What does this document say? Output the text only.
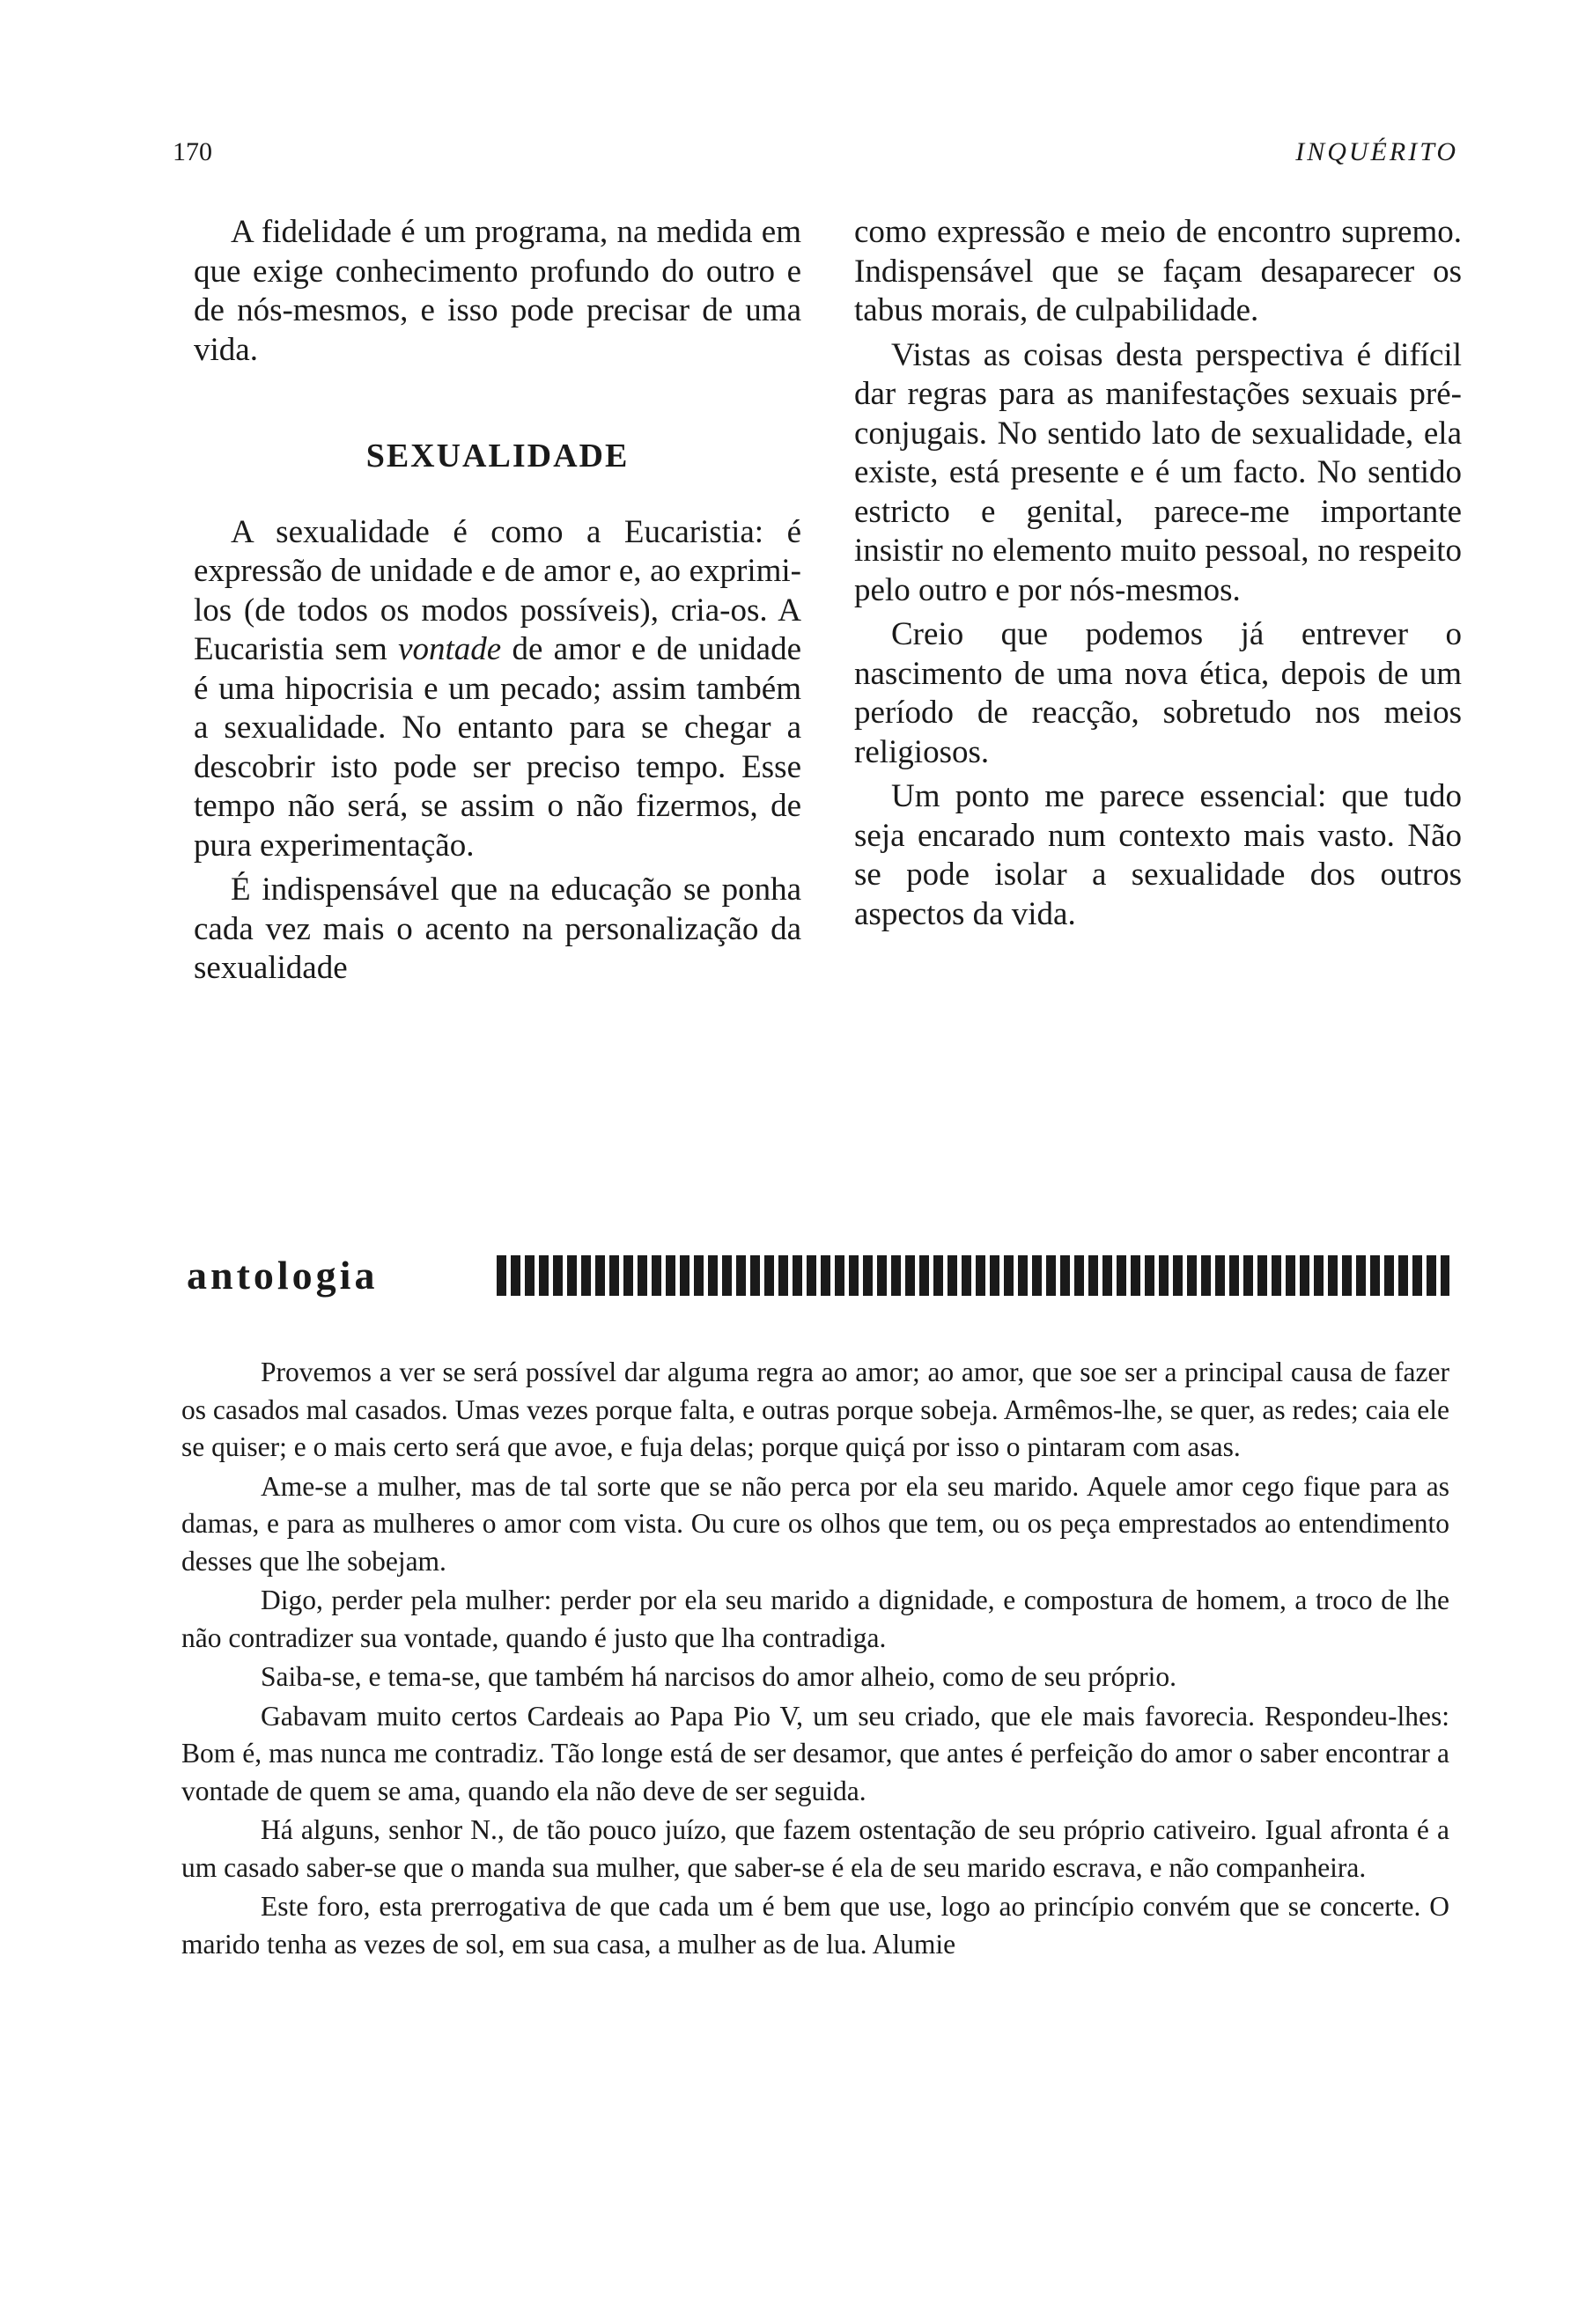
170	INQUÉRITO

A fidelidade é um programa, na medida em que exige conhecimento profundo do outro e de nós-mesmos, e isso pode precisar de uma vida.

SEXUALIDADE

A sexualidade é como a Eucaristia: é expressão de unidade e de amor e, ao exprimi-los (de todos os modos possíveis), cria-os. A Eucaristia sem vontade de amor e de unidade é uma hipocrisia e um pecado; assim também a sexualidade. No entanto para se chegar a descobrir isto pode ser preciso tempo. Esse tempo não será, se assim o não fizermos, de pura experimentação.

É indispensável que na educação se ponha cada vez mais o acento na personalização da sexualidade

como expressão e meio de encontro supremo. Indispensável que se façam desaparecer os tabus morais, de culpabilidade.

Vistas as coisas desta perspectiva é difícil dar regras para as manifestações sexuais pré-conjugais. No sentido lato de sexualidade, ela existe, está presente e é um facto. No sentido estricto e genital, parece-me importante insistir no elemento muito pessoal, no respeito pelo outro e por nós-mesmos.

Creio que podemos já entrever o nascimento de uma nova ética, depois de um período de reacção, sobretudo nos meios religiosos.

Um ponto me parece essencial: que tudo seja encarado num contexto mais vasto. Não se pode isolar a sexualidade dos outros aspectos da vida.

antologia

Provemos a ver se será possível dar alguma regra ao amor; ao amor, que soe ser a principal causa de fazer os casados mal casados. Umas vezes porque falta, e outras porque sobeja. Armêmos-lhe, se quer, as redes; caia ele se quiser; e o mais certo será que avoe, e fuja delas; porque quiçá por isso o pintaram com asas.

Ame-se a mulher, mas de tal sorte que se não perca por ela seu marido. Aquele amor cego fique para as damas, e para as mulheres o amor com vista. Ou cure os olhos que tem, ou os peça emprestados ao entendimento desses que lhe sobejam.

Digo, perder pela mulher: perder por ela seu marido a dignidade, e compostura de homem, a troco de lhe não contradizer sua vontade, quando é justo que lha contradiga.

Saiba-se, e tema-se, que também há narcisos do amor alheio, como de seu próprio.

Gabavam muito certos Cardeais ao Papa Pio V, um seu criado, que ele mais favorecia. Respondeu-lhes: Bom é, mas nunca me contradiz. Tão longe está de ser desamor, que antes é perfeição do amor o saber encontrar a vontade de quem se ama, quando ela não deve de ser seguida.

Há alguns, senhor N., de tão pouco juízo, que fazem ostentação de seu próprio cativeiro. Igual afronta é a um casado saber-se que o manda sua mulher, que saber-se é ela de seu marido escrava, e não companheira.

Este foro, esta prerrogativa de que cada um é bem que use, logo ao princípio convém que se concerte. O marido tenha as vezes de sol, em sua casa, a mulher as de lua. Alumie
